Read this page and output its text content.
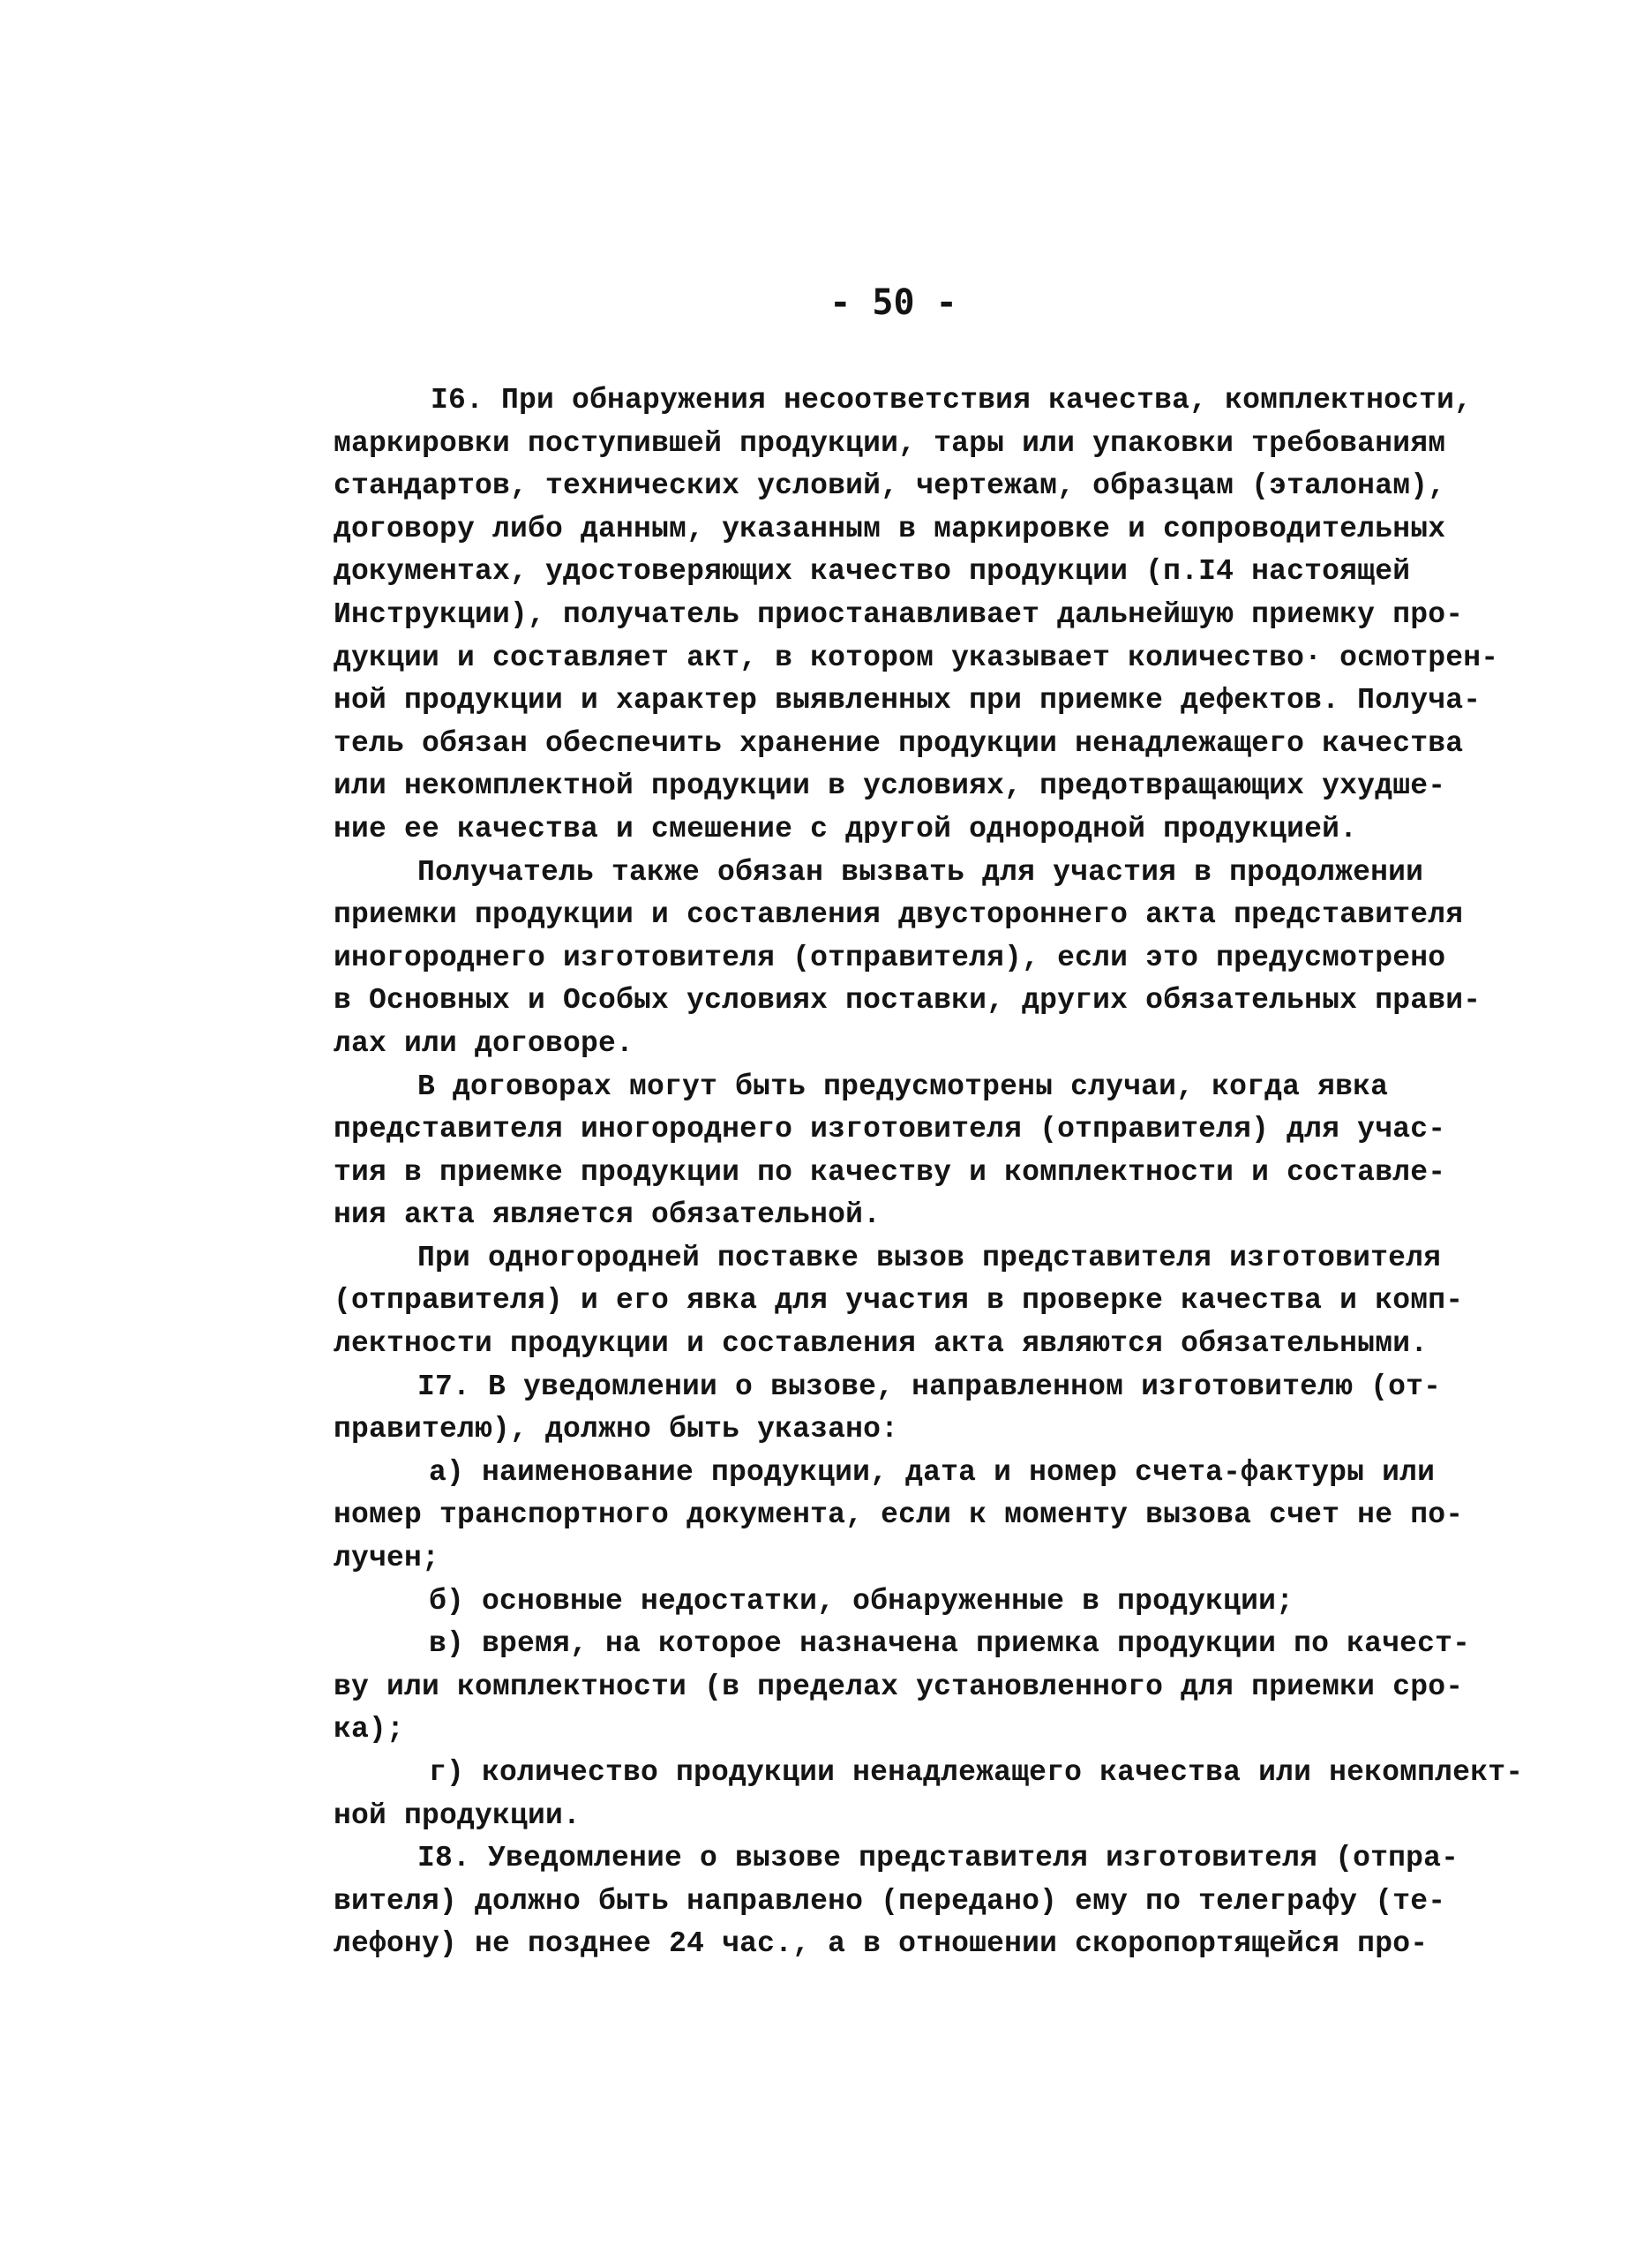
- 50 -
I6. При обнаружения несоответствия качества, комплектности,
маркировки поступившей продукции, тары или упаковки требованиям
стандартов, технических условий, чертежам, образцам (эталонам),
договору либо данным, указанным в маркировке и сопроводительных
документах, удостоверяющих качество продукции (п.I4 настоящей
Инструкции), получатель приостанавливает дальнейшую приемку про-
дукции и составляет акт, в котором указывает количество· осмотрен-
ной продукции и характер выявленных при приемке дефектов. Получа-
тель обязан обеспечить хранение продукции ненадлежащего качества
или некомплектной продукции в условиях, предотвращающих ухудше-
ние ее качества и смешение с другой однородной продукцией.
Получатель также обязан вызвать для участия в продолжении
приемки продукции и составления двустороннего акта представителя
иногороднего изготовителя (отправителя), если это предусмотрено
в Основных и Особых условиях поставки, других обязательных прави-
лах или договоре.
В договорах могут быть предусмотрены случаи, когда явка
представителя иногороднего изготовителя (отправителя) для учас-
тия в приемке продукции по качеству и комплектности и составле-
ния акта является обязательной.
При одногородней поставке вызов представителя изготовителя
(отправителя) и его явка для участия в проверке качества и комп-
лектности продукции и составления акта являются обязательными.
I7. В уведомлении о вызове, направленном изготовителю (от-
правителю), должно быть указано:
а) наименование продукции, дата и номер счета-фактуры или
номер транспортного документа, если к моменту вызова счет не по-
лучен;
б) основные недостатки, обнаруженные в продукции;
в) время, на которое назначена приемка продукции по качест-
ву или комплектности (в пределах установленного для приемки сро-
ка);
г) количество продукции ненадлежащего качества или некомплект-
ной продукции.
I8. Уведомление о вызове представителя изготовителя (отпра-
вителя) должно быть направлено (передано) ему по телеграфу (те-
лефону) не позднее 24 час., а в отношении скоропортящейся про-
